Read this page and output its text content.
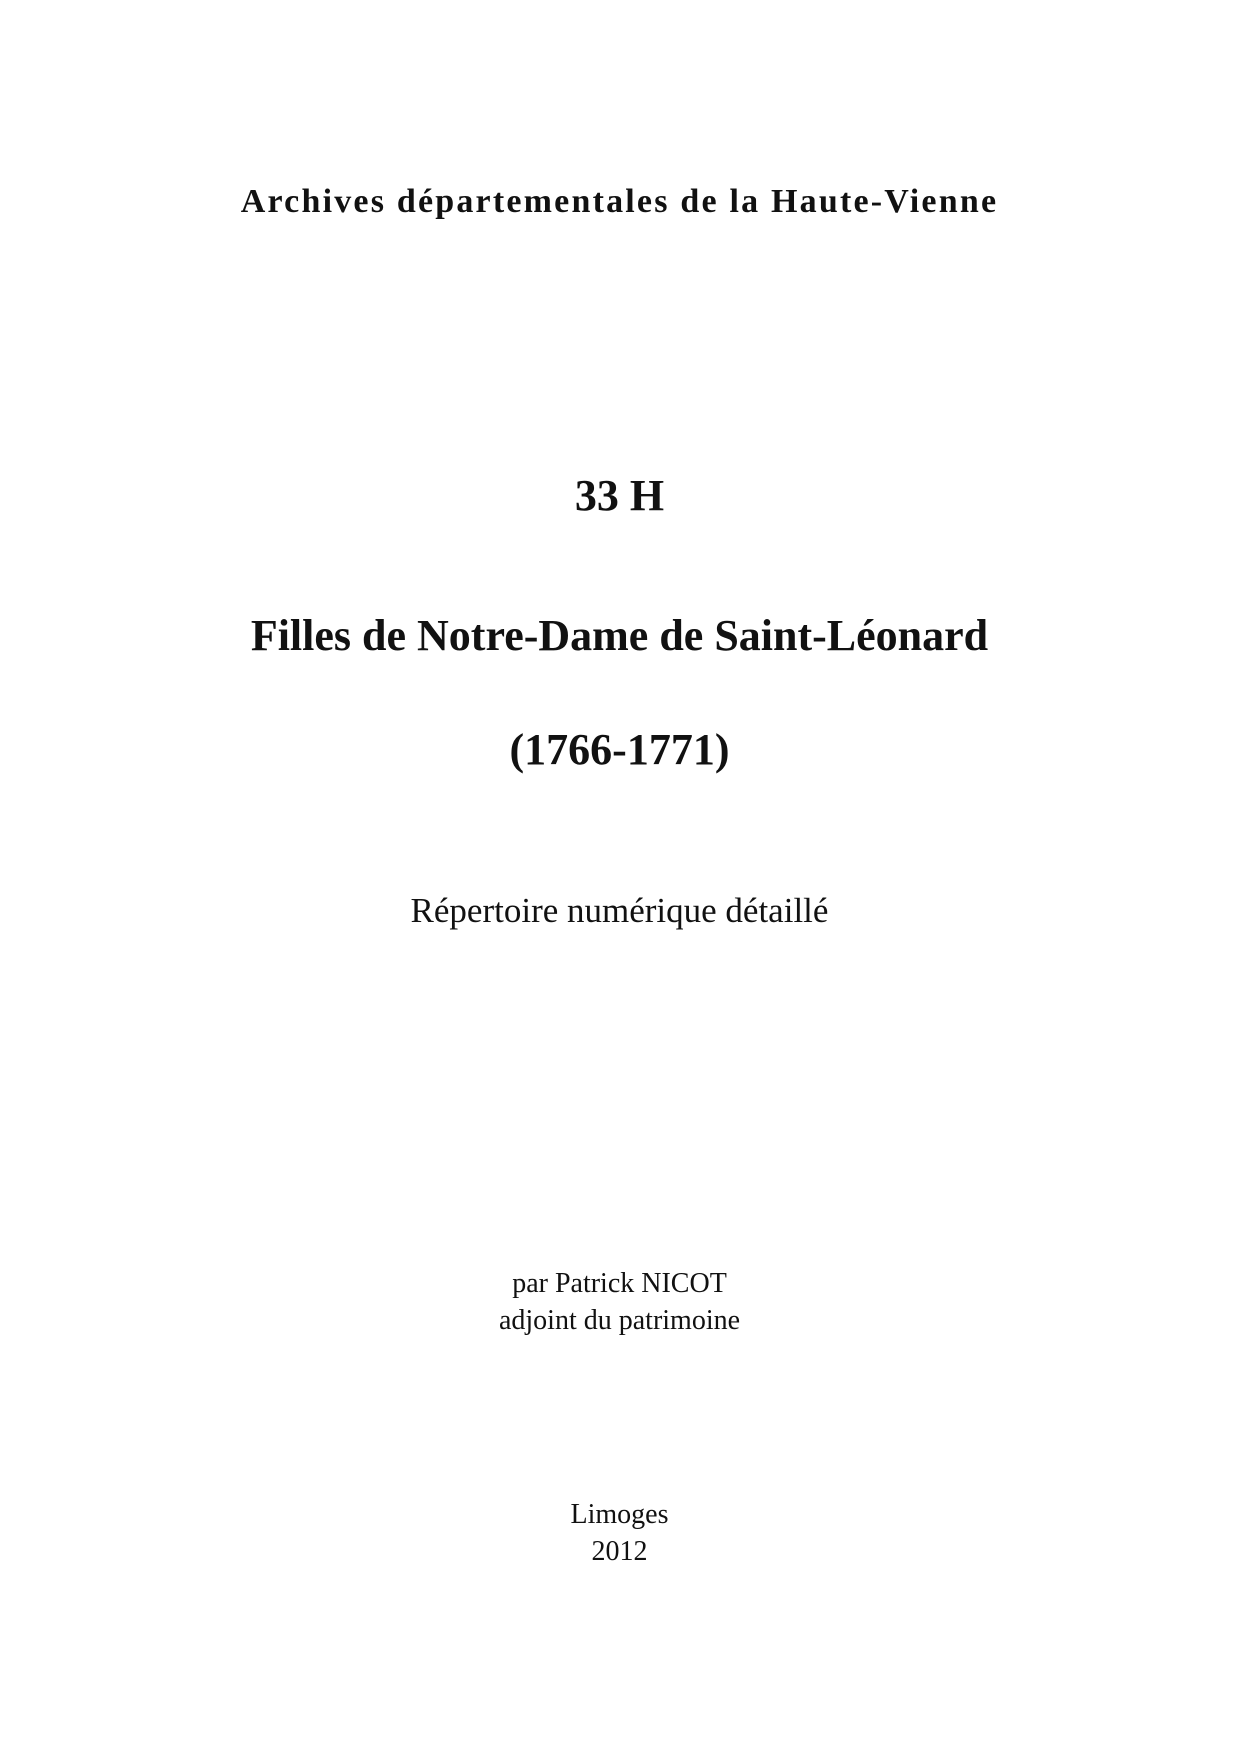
Archives départementales de la Haute-Vienne

33 H

Filles de Notre-Dame de Saint-Léonard

(1766-1771)

Répertoire numérique détaillé

par Patrick NICOT

adjoint du patrimoine

Limoges

2012
